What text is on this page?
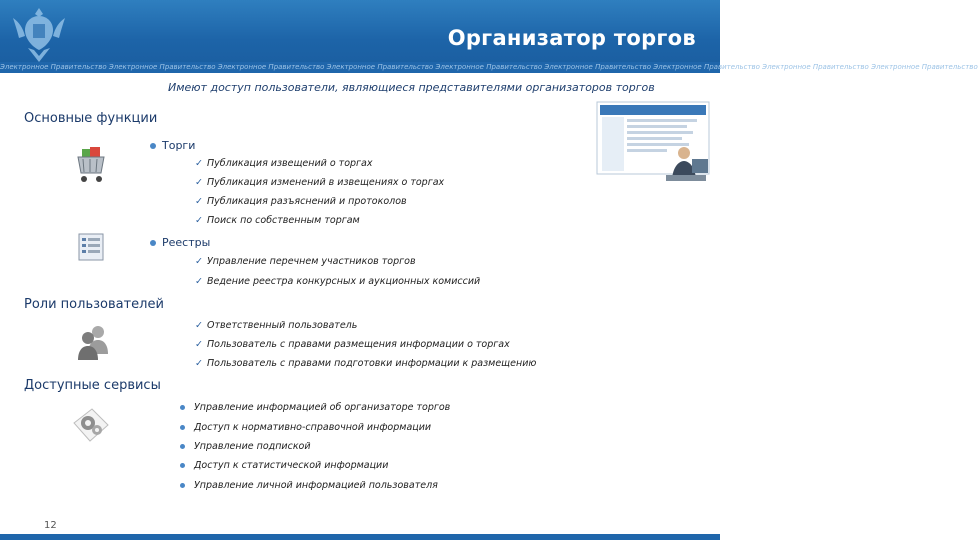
Организатор торгов
Электронное Правительство Электронное Правительство Электронное Правительство Электронное Правительство Электронное Правительство Электронное Правительство Электронное Правительство Электронное Правительство Электронное Правительство
Имеют доступ пользователи, являющиеся представителями организаторов торгов
Основные функции
Торги
✓ Публикация извещений о торгах
✓ Публикация изменений в извещениях о торгах
✓ Публикация разъяснений и протоколов
✓ Поиск по собственным торгам
Реестры
✓ Управление перечнем участников торгов
✓ Ведение реестра конкурсных и аукционных комиссий
Роли пользователей
✓ Ответственный пользователь
✓ Пользователь с правами размещения информации о торгах
✓ Пользователь с правами подготовки информации к размещению
Доступные сервисы
Управление информацией об организаторе торгов
Доступ к нормативно-справочной информации
Управление подпиской
Доступ к статистической информации
Управление личной информацией пользователя
12
